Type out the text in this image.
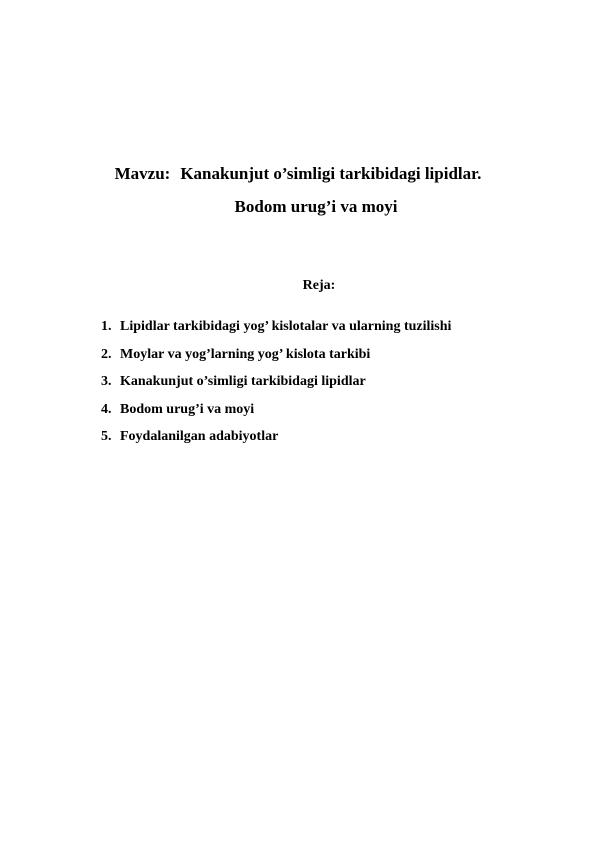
Mavzu: Kanakunjut o’simligi tarkibidagi lipidlar.
Bodom urug’i va moyi
Reja:
1. Lipidlar tarkibidagi yog’ kislotalar va ularning tuzilishi
2. Moylar va yog’larning yog’ kislota tarkibi
3. Kanakunjut o’simligi tarkibidagi lipidlar
4. Bodom urug’i va moyi
5. Foydalanilgan adabiyotlar
